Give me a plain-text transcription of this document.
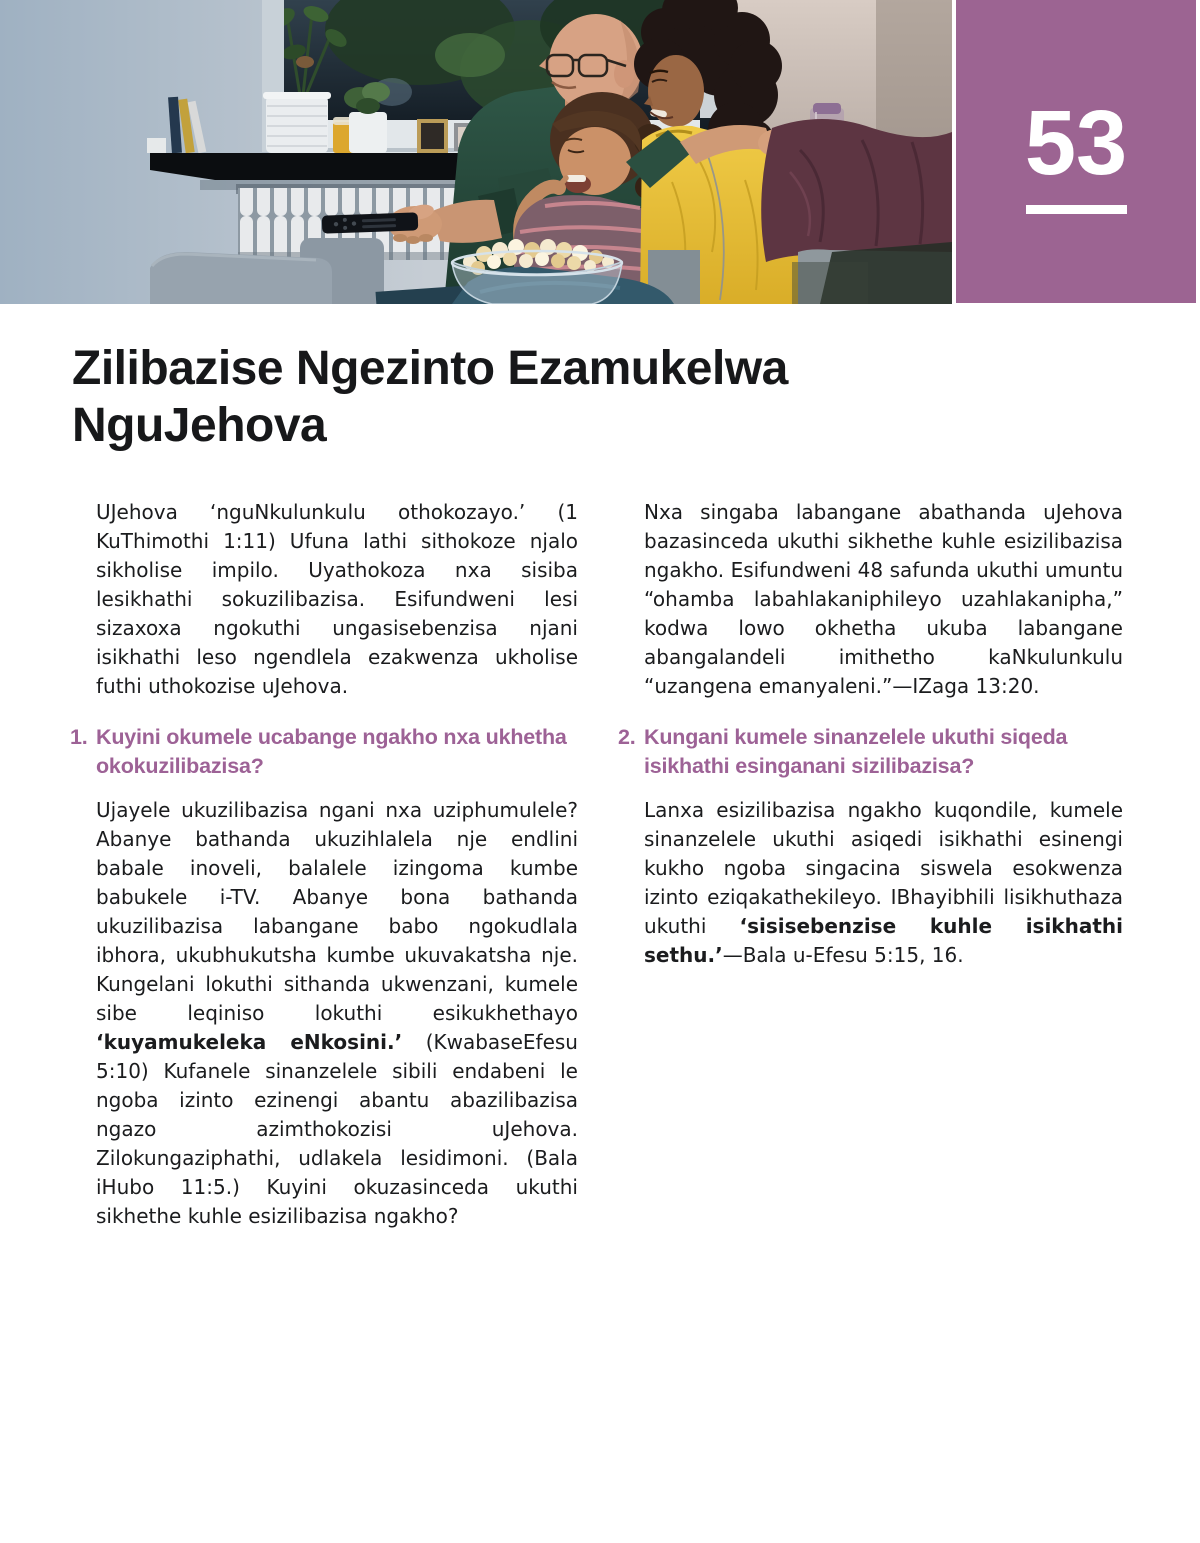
53
Zilibazise Ngezinto Ezamukelwa NguJehova

UJehova ‘nguNkulunkulu othokozayo.’ (1 KuThimothi 1:11) Ufuna lathi sithokoze njalo sikholise impilo. Uyathokoza nxa sisiba lesikhathi sokuzilibazisa. Esifundweni lesi sizaxoxa ngokuthi ungasisebenzisa njani isikhathi leso ngendlela ezakwenza ukholise futhi uthokozise uJehova.

1. Kuyini okumele ucabange ngakho nxa ukhetha okokuzilibazisa?

Ujayele ukuzilibazisa ngani nxa uziphumulele? Abanye bathanda ukuzihlalela nje endlini babale inoveli, balalele izingoma kumbe babukele i-TV. Abanye bona bathanda ukuzilibazisa labangane babo ngokudlala ibhora, ukubhukutsha kumbe ukuvakatsha nje. Kungelani lokuthi sithanda ukwenzani, kumele sibe leqiniso lokuthi esikukhethayo ‘kuyamukeleka eNkosini.’ (KwabaseEfesu 5:10) Kufanele sinanzelele sibili endabeni le ngoba izinto ezinengi abantu abazilibazisa ngazo azimthokozisi uJehova. Zilokungaziphathi, udlakela lesidimoni. (Bala iHubo 11:5.) Kuyini okuzasinceda ukuthi sikhethe kuhle esizilibazisa ngakho?

Nxa singaba labangane abathanda uJehova bazasinceda ukuthi sikhethe kuhle esizilibazisa ngakho. Esifundweni 48 safunda ukuthi umuntu “ohamba labahlakaniphileyo uzahlakanipha,” kodwa lowo okhetha ukuba labangane abangalandeli imithetho kaNkulunkulu “uzangena emanyaleni.”—IZaga 13:20.

2. Kungani kumele sinanzelele ukuthi siqeda isikhathi esinganani sizilibazisa?

Lanxa esizilibazisa ngakho kuqondile, kumele sinanzelele ukuthi asiqedi isikhathi esinengi kukho ngoba singacina siswela esokwenza izinto eziqakathekileyo. IBhayibhili lisikhuthaza ukuthi ‘sisisebenzise kuhle isikhathi sethu.’—Bala u-Efesu 5:15, 16.
